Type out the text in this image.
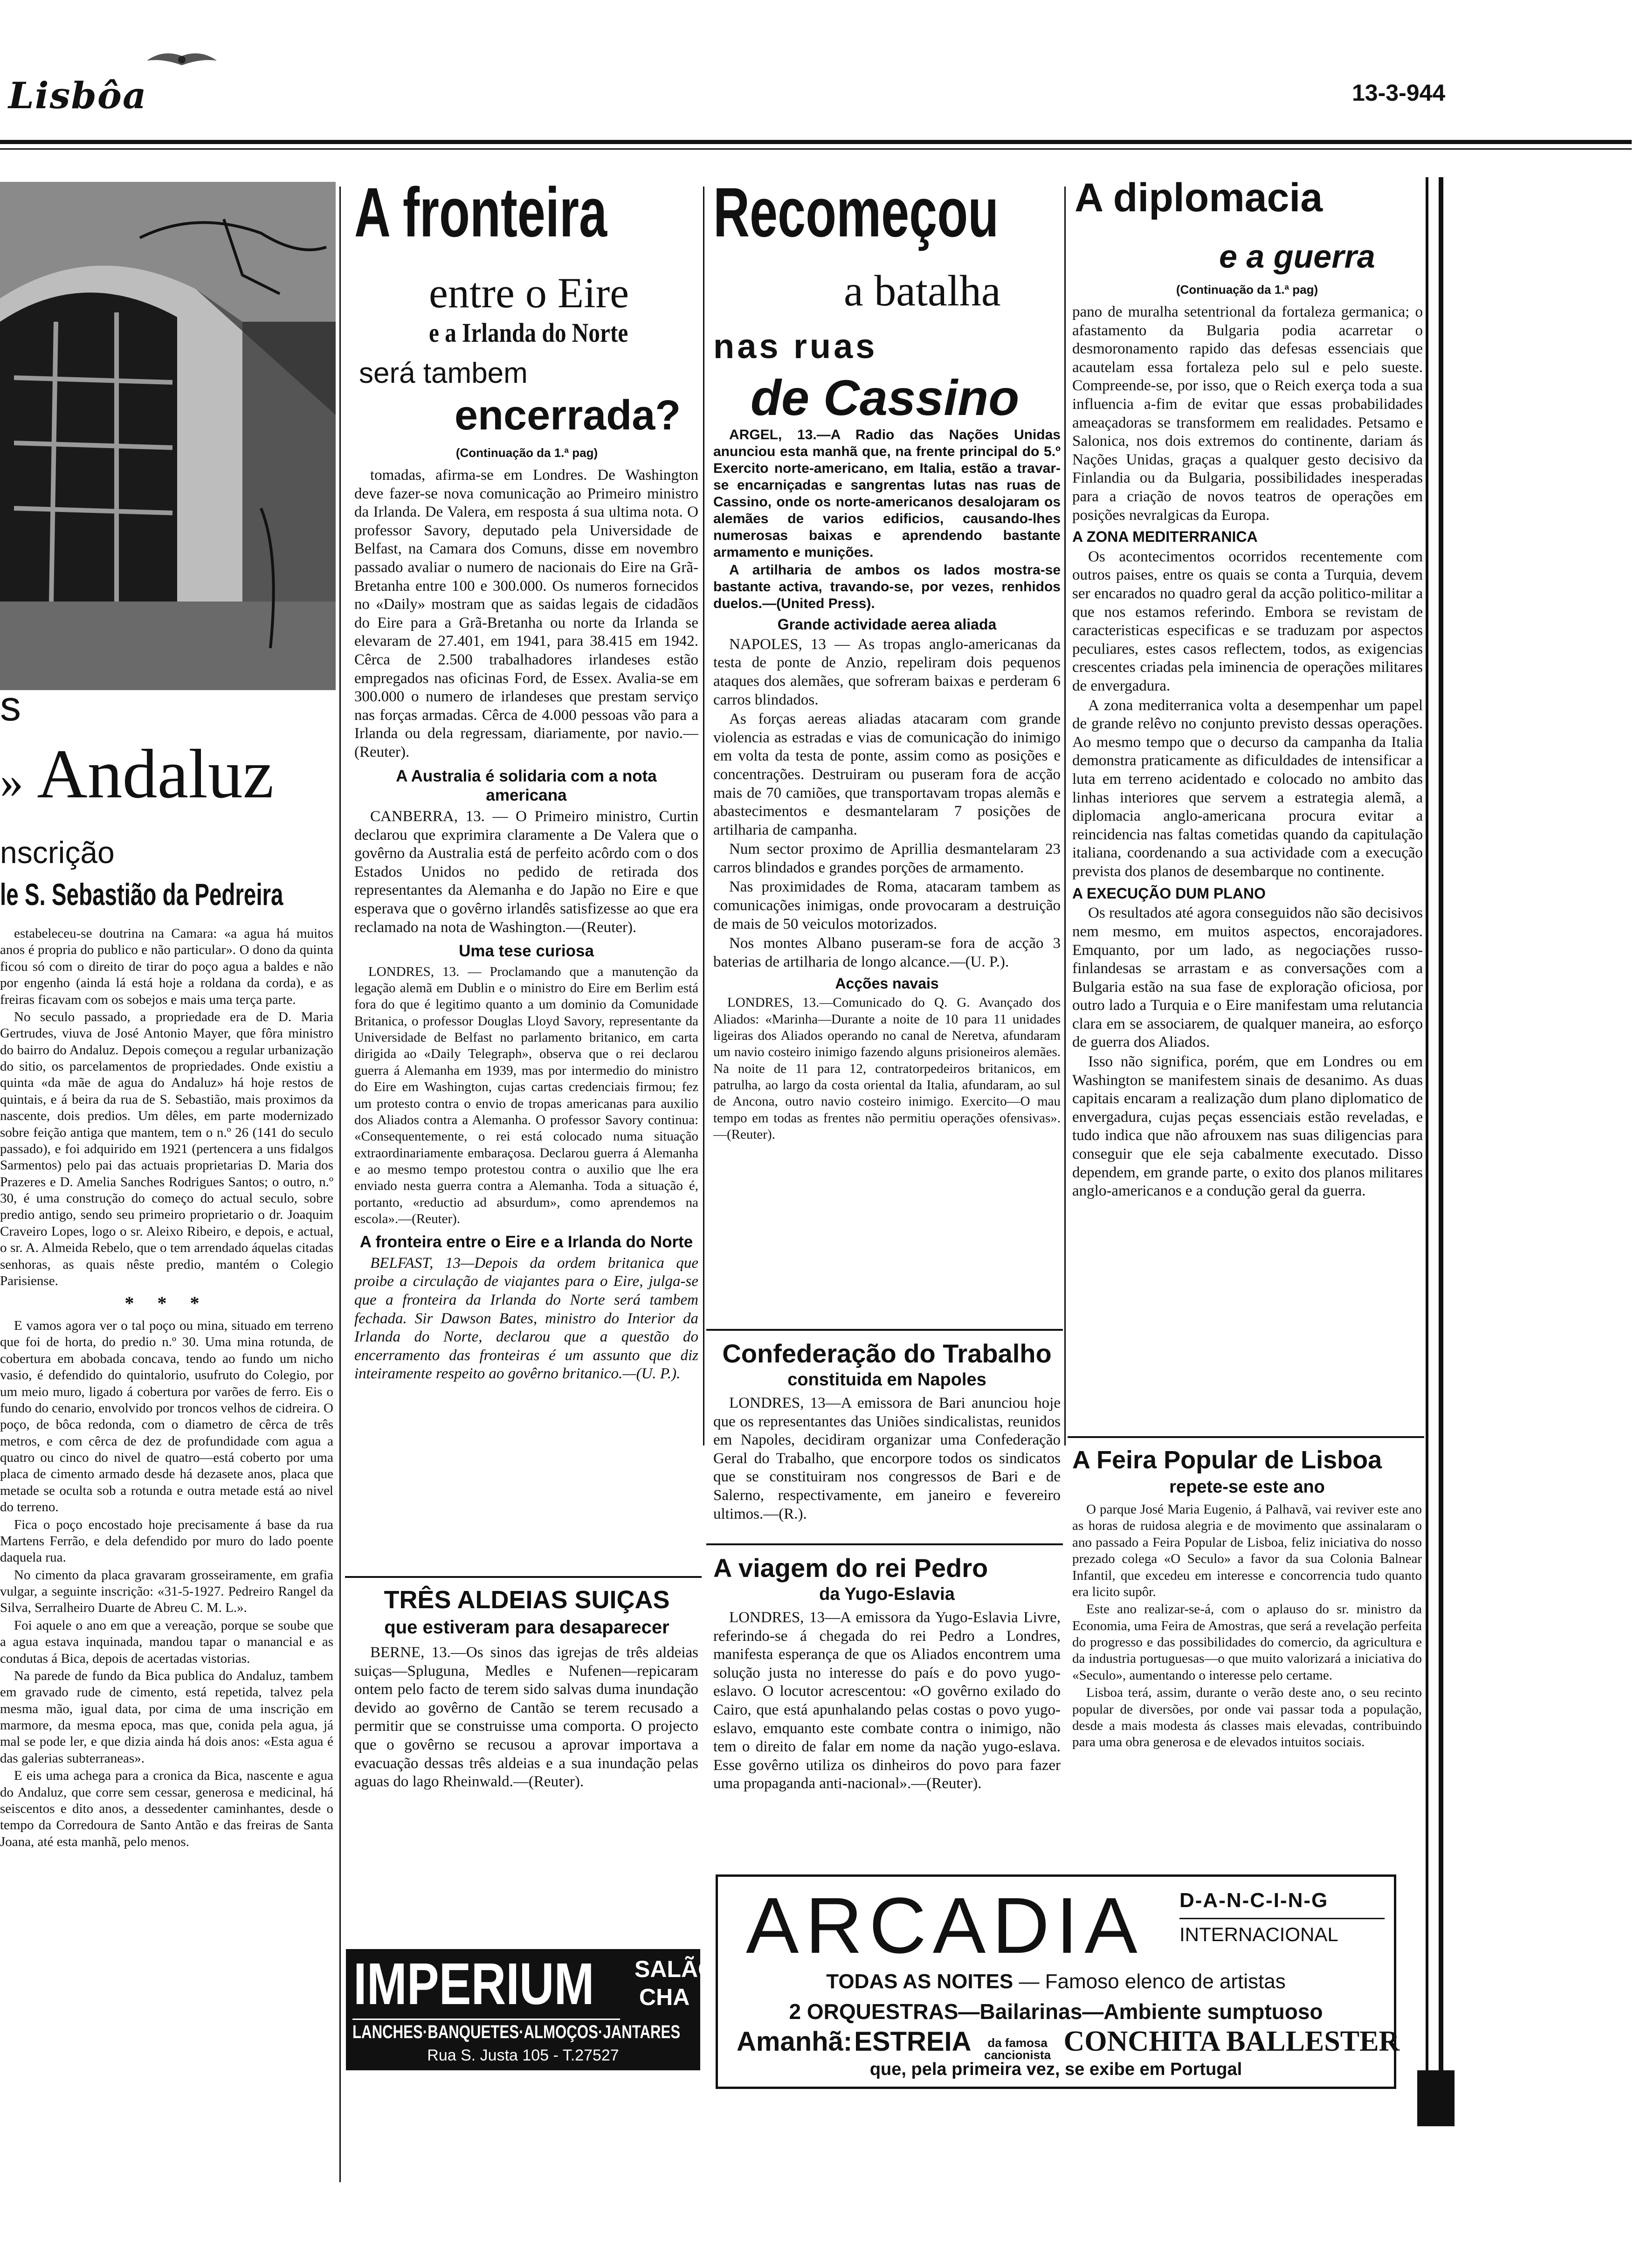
Lisbôa	13-3-944
s
» Andaluz
nscrição
le S. Sebastião da Pedreira

estabeleceu-se doutrina na Camara: «a agua há muitos anos é propria do publico e não particular». O dono da quinta ficou só com o direito de tirar do poço agua a baldes e não por engenho (ainda lá está hoje a roldana da corda), e as freiras ficavam com os sobejos e mais uma terça parte.

No seculo passado, a propriedade era de D. Maria Gertrudes, viuva de José Antonio Mayer, que fôra ministro do bairro do Andaluz. Depois começou a regular urbanização do sitio, os parcelamentos de propriedades. Onde existiu a quinta «da mãe de agua do Andaluz» há hoje restos de quintais, e á beira da rua de S. Sebastião, mais proximos da nascente, dois predios. Um dêles, em parte modernizado sobre feição antiga que mantem, tem o n.º 26 (141 do seculo passado), e foi adquirido em 1921 (pertencera a uns fidalgos Sarmentos) pelo pai das actuais proprietarias D. Maria dos Prazeres e D. Amelia Sanches Rodrigues Santos; o outro, n.º 30, é uma construção do começo do actual seculo, sobre predio antigo, sendo seu primeiro proprietario o dr. Joaquim Craveiro Lopes, logo o sr. Aleixo Ribeiro, e depois, e actual, o sr. A. Almeida Rebelo, que o tem arrendado áquelas citadas senhoras, as quais nêste predio, mantém o Colegio Parisiense.

* * *

E vamos agora ver o tal poço ou mina, situado em terreno que foi de horta, do predio n.º 30. Uma mina rotunda, de cobertura em abobada concava, tendo ao fundo um nicho vasio, é defendido do quintalorio, usufruto do Colegio, por um meio muro, ligado á cobertura por varões de ferro. Eis o fundo do cenario, envolvido por troncos velhos de cidreira. O poço, de bôca redonda, com o diametro de cêrca de três metros, e com cêrca de dez de profundidade com agua a quatro ou cinco do nivel de quatro—está coberto por uma placa de cimento armado desde há dezasete anos, placa que metade se oculta sob a rotunda e outra metade está ao nivel do terreno.

Fica o poço encostado hoje precisamente á base da rua Martens Ferrão, e dela defendido por muro do lado poente daquela rua.

No cimento da placa gravaram grosseiramente, em grafia vulgar, a seguinte inscrição: «31-5-1927. Pedreiro Rangel da Silva, Serralheiro Duarte de Abreu C. M. L.».

Foi aquele o ano em que a vereação, porque se soube que a agua estava inquinada, mandou tapar o manancial e as condutas á Bica, depois de acertadas vistorias.

Na parede de fundo da Bica publica do Andaluz, tambem em gravado rude de cimento, está repetida, talvez pela mesma mão, igual data, por cima de uma inscrição em marmore, da mesma epoca, mas que, conida pela agua, já mal se pode ler, e que dizia ainda há dois anos: «Esta agua é das galerias subterraneas».

E eis uma achega para a cronica da Bica, nascente e agua do Andaluz, que corre sem cessar, generosa e medicinal, há seiscentos e dito anos, a dessedenter caminhantes, desde o tempo da Corredoura de Santo Antão e das freiras de Santa Joana, até esta manhã, pelo menos.

A fronteira
entre o Eire
e a Irlanda do Norte
será tambem
encerrada?
(Continuação da 1.ª pag)

tomadas, afirma-se em Londres. De Washington deve fazer-se nova comunicação ao Primeiro ministro da Irlanda. De Valera, em resposta á sua ultima nota. O professor Savory, deputado pela Universidade de Belfast, na Camara dos Comuns, disse em novembro passado avaliar o numero de nacionais do Eire na Grã-Bretanha entre 100 e 300.000. Os numeros fornecidos no «Daily» mostram que as saidas legais de cidadãos do Eire para a Grã-Bretanha ou norte da Irlanda se elevaram de 27.401, em 1941, para 38.415 em 1942. Cêrca de 2.500 trabalhadores irlandeses estão empregados nas oficinas Ford, de Essex. Avalia-se em 300.000 o numero de irlandeses que prestam serviço nas forças armadas. Cêrca de 4.000 pessoas vão para a Irlanda ou dela regressam, diariamente, por navio.—(Reuter).

A Australia é solidaria com a nota americana

CANBERRA, 13. — O Primeiro ministro, Curtin declarou que exprimira claramente a De Valera que o govêrno da Australia está de perfeito acôrdo com o dos Estados Unidos no pedido de retirada dos representantes da Alemanha e do Japão no Eire e que esperava que o govêrno irlandês satisfizesse ao que era reclamado na nota de Washington.—(Reuter).

Uma tese curiosa

LONDRES, 13. — Proclamando que a manutenção da legação alemã em Dublin e o ministro do Eire em Berlim está fora do que é legitimo quanto a um dominio da Comunidade Britanica, o professor Douglas Lloyd Savory, representante da Universidade de Belfast no parlamento britanico, em carta dirigida ao «Daily Telegraph», observa que o rei declarou guerra á Alemanha em 1939, mas por intermedio do ministro do Eire em Washington, cujas cartas credenciais firmou; fez um protesto contra o envio de tropas americanas para auxilio dos Aliados contra a Alemanha. O professor Savory continua: «Consequentemente, o rei está colocado numa situação extraordinariamente embaraçosa. Declarou guerra á Alemanha e ao mesmo tempo protestou contra o auxilio que lhe era enviado nesta guerra contra a Alemanha. Toda a situação é, portanto, «reductio ad absurdum», como aprendemos na escola».—(Reuter).

A fronteira entre o Eire e a Irlanda do Norte

BELFAST, 13—Depois da ordem britanica que proibe a circulação de viajantes para o Eire, julga-se que a fronteira da Irlanda do Norte será tambem fechada. Sir Dawson Bates, ministro do Interior da Irlanda do Norte, declarou que a questão do encerramento das fronteiras é um assunto que diz inteiramente respeito ao govêrno britanico.—(U. P.).

TRÊS ALDEIAS SUIÇAS
que estiveram para desaparecer

BERNE, 13.—Os sinos das igrejas de três aldeias suiças—Spluguna, Medles e Nufenen—repicaram ontem pelo facto de terem sido salvas duma inundação devido ao govêrno de Cantão se terem recusado a permitir que se construisse uma comporta. O projecto que o govêrno se recusou a aprovar importava a evacuação dessas três aldeias e a sua inundação pelas aguas do lago Rheinwald.—(Reuter).

IMPERIUM SALÃO
CHA
LANCHES·BANQUETES·ALMOÇOS·JANTARES
Rua S. Justa 105 - T.27527
Recomeçou
a batalha
nas ruas
de Cassino

ARGEL, 13.—A Radio das Nações Unidas anunciou esta manhã que, na frente principal do 5.º Exercito norte-americano, em Italia, estão a travar-se encarniçadas e sangrentas lutas nas ruas de Cassino, onde os norte-americanos desalojaram os alemães de varios edificios, causando-lhes numerosas baixas e aprendendo bastante armamento e munições.

A artilharia de ambos os lados mostra-se bastante activa, travando-se, por vezes, renhidos duelos.—(United Press).

Grande actividade aerea aliada

NAPOLES, 13 — As tropas anglo-americanas da testa de ponte de Anzio, repeliram dois pequenos ataques dos alemães, que sofreram baixas e perderam 6 carros blindados.

As forças aereas aliadas atacaram com grande violencia as estradas e vias de comunicação do inimigo em volta da testa de ponte, assim como as posições e concentrações. Destruiram ou puseram fora de acção mais de 70 camiões, que transportavam tropas alemãs e abastecimentos e desmantelaram 7 posições de artilharia de campanha.

Num sector proximo de Aprillia desmantelaram 23 carros blindados e grandes porções de armamento.

Nas proximidades de Roma, atacaram tambem as comunicações inimigas, onde provocaram a destruição de mais de 50 veiculos motorizados.

Nos montes Albano puseram-se fora de acção 3 baterias de artilharia de longo alcance.—(U. P.).

Acções navais

LONDRES, 13.—Comunicado do Q. G. Avançado dos Aliados: «Marinha—Durante a noite de 10 para 11 unidades ligeiras dos Aliados operando no canal de Neretva, afundaram um navio costeiro inimigo fazendo alguns prisioneiros alemães. Na noite de 11 para 12, contratorpedeiros britanicos, em patrulha, ao largo da costa oriental da Italia, afundaram, ao sul de Ancona, outro navio costeiro inimigo. Exercito—O mau tempo em todas as frentes não permitiu operações ofensivas».—(Reuter).

Confederação do Trabalho
constituida em Napoles

LONDRES, 13—A emissora de Bari anunciou hoje que os representantes das Uniões sindicalistas, reunidos em Napoles, decidiram organizar uma Confederação Geral do Trabalho, que encorpore todos os sindicatos que se constituiram nos congressos de Bari e de Salerno, respectivamente, em janeiro e fevereiro ultimos.—(R.).

A viagem do rei Pedro
da Yugo-Eslavia

LONDRES, 13—A emissora da Yugo-Eslavia Livre, referindo-se á chegada do rei Pedro a Londres, manifesta esperança de que os Aliados encontrem uma solução justa no interesse do país e do povo yugo-eslavo. O locutor acrescentou: «O govêrno exilado do Cairo, que está apunhalando pelas costas o povo yugo-eslavo, emquanto este combate contra o inimigo, não tem o direito de falar em nome da nação yugo-eslava. Esse govêrno utiliza os dinheiros do povo para fazer uma propaganda anti-nacional».—(Reuter).

A diplomacia
e a guerra
(Continuação da 1.ª pag)

pano de muralha setentrional da fortaleza germanica; o afastamento da Bulgaria podia acarretar o desmoronamento rapido das defesas essenciais que acautelam essa fortaleza pelo sul e pelo sueste. Compreende-se, por isso, que o Reich exerça toda a sua influencia a-fim de evitar que essas probabilidades ameaçadoras se transformem em realidades. Petsamo e Salonica, nos dois extremos do continente, dariam ás Nações Unidas, graças a qualquer gesto decisivo da Finlandia ou da Bulgaria, possibilidades inesperadas para a criação de novos teatros de operações em posições nevralgicas da Europa.

A ZONA MEDITERRANICA

Os acontecimentos ocorridos recentemente com outros paises, entre os quais se conta a Turquia, devem ser encarados no quadro geral da acção politico-militar a que nos estamos referindo. Embora se revistam de caracteristicas especificas e se traduzam por aspectos peculiares, estes casos reflectem, todos, as exigencias crescentes criadas pela iminencia de operações militares de envergadura.

A zona mediterranica volta a desempenhar um papel de grande relêvo no conjunto previsto dessas operações. Ao mesmo tempo que o decurso da campanha da Italia demonstra praticamente as dificuldades de intensificar a luta em terreno acidentado e colocado no ambito das linhas interiores que servem a estrategia alemã, a diplomacia anglo-americana procura evitar a reincidencia nas faltas cometidas quando da capitulação italiana, coordenando a sua actividade com a execução prevista dos planos de desembarque no continente.

A EXECUÇÃO DUM PLANO

Os resultados até agora conseguidos não são decisivos nem mesmo, em muitos aspectos, encorajadores. Emquanto, por um lado, as negociações russo-finlandesas se arrastam e as conversações com a Bulgaria estão na sua fase de exploração oficiosa, por outro lado a Turquia e o Eire manifestam uma relutancia clara em se associarem, de qualquer maneira, ao esforço de guerra dos Aliados.

Isso não significa, porém, que em Londres ou em Washington se manifestem sinais de desanimo. As duas capitais encaram a realização dum plano diplomatico de envergadura, cujas peças essenciais estão reveladas, e tudo indica que não afrouxem nas suas diligencias para conseguir que ele seja cabalmente executado. Disso dependem, em grande parte, o exito dos planos militares anglo-americanos e a condução geral da guerra.

A Feira Popular de Lisboa
repete-se este ano

O parque José Maria Eugenio, á Palhavã, vai reviver este ano as horas de ruidosa alegria e de movimento que assinalaram o ano passado a Feira Popular de Lisboa, feliz iniciativa do nosso prezado colega «O Seculo» a favor da sua Colonia Balnear Infantil, que excedeu em interesse e concorrencia tudo quanto era licito supôr.

Este ano realizar-se-á, com o aplauso do sr. ministro da Economia, uma Feira de Amostras, que será a revelação perfeita do progresso e das possibilidades do comercio, da agricultura e da industria portuguesas—o que muito valorizará a iniciativa do «Seculo», aumentando o interesse pelo certame.

Lisboa terá, assim, durante o verão deste ano, o seu recinto popular de diversões, por onde vai passar toda a população, desde a mais modesta ás classes mais elevadas, contribuindo para uma obra generosa e de elevados intuitos sociais.

ARCADIA D-A-N-C-I-N-G
INTERNACIONAL
TODAS AS NOITES — Famoso elenco de artistas
2 ORQUESTRAS—Bailarinas—Ambiente sumptuoso
Amanhã: ESTREIA da famosa cancionista CONCHITA BALLESTER
que, pela primeira vez, se exibe em Portugal
